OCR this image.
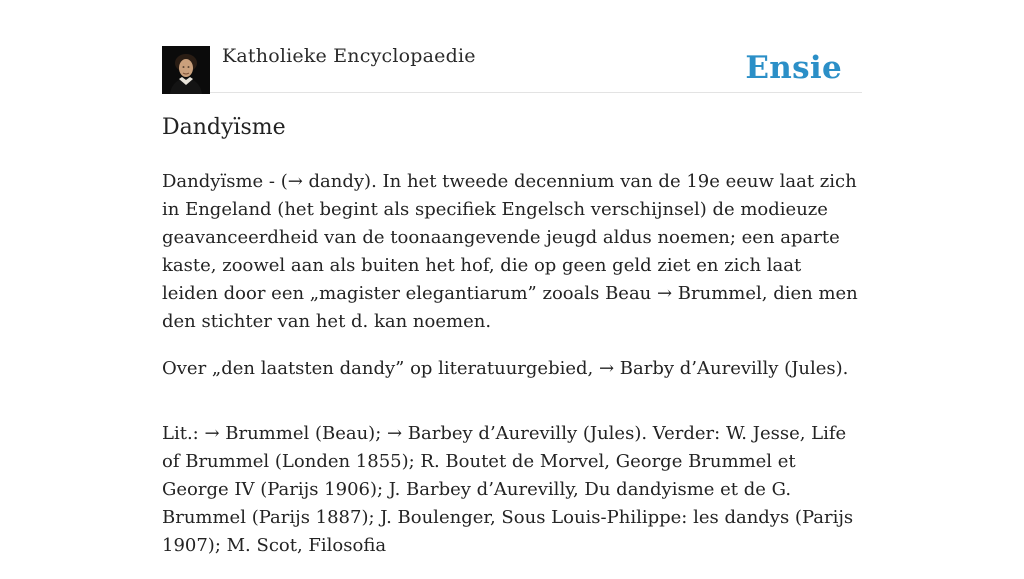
Katholieke Encyclopaedie	Ensie
Dandyïsme

Dandyïsme - (→ dandy). In het tweede decennium van de 19e eeuw laat zich in Engeland (het begint als specifiek Engelsch verschijnsel) de modieuze geavanceerdheid van de toonaangevende jeugd aldus noemen; een aparte kaste, zoowel aan als buiten het hof, die op geen geld ziet en zich laat leiden door een „magister elegantiarum” zooals Beau → Brummel, dien men den stichter van het d. kan noemen.

Over „den laatsten dandy” op literatuurgebied, → Barby d’Aurevilly (Jules).

Lit.: → Brummel (Beau); → Barbey d’Aurevilly (Jules). Verder: W. Jesse, Life of Brummel (Londen 1855); R. Boutet de Morvel, George Brummel et George IV (Parijs 1906); J. Barbey d’Aurevilly, Du dandyisme et de G. Brummel (Parijs 1887); J. Boulenger, Sous Louis-Philippe: les dandys (Parijs 1907); M. Scot, Filosofia
